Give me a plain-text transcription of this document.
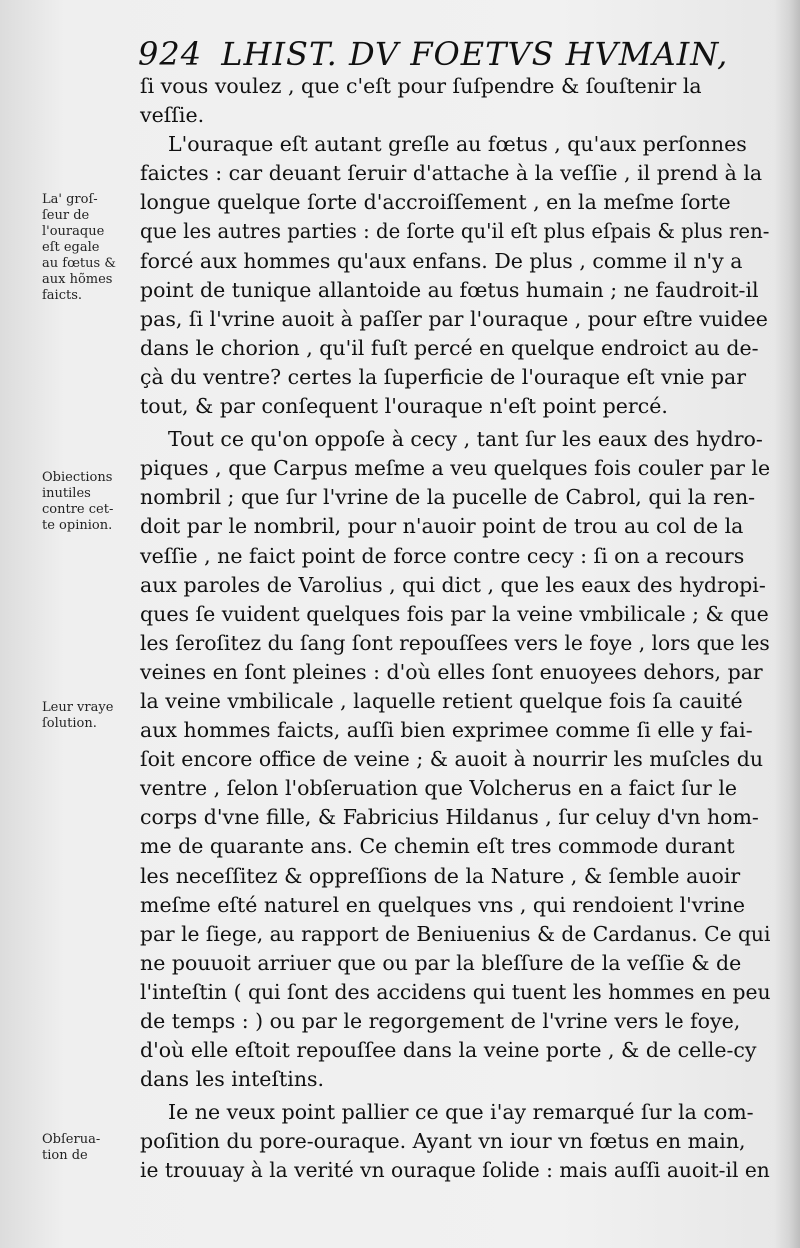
924 LHIST. DV FOETVS HVMAIN,
ſi vous voulez , que c'eſt pour ſuſpendre & ſouſtenir la
veſſie.
L'ouraque eſt autant greſle au fœtus , qu'aux perſonnes
faictes : car deuant ſeruir d'attache à la veſſie , il prend à la
longue quelque ſorte d'accroiſſement , en la meſme ſorte
que les autres parties : de ſorte qu'il eſt plus eſpais & plus ren-
forcé aux hommes qu'aux enfans. De plus , comme il n'y a
point de tunique allantoide au fœtus humain ; ne faudroit-il
pas, ſi l'vrine auoit à paſſer par l'ouraque , pour eſtre vuidee
dans le chorion , qu'il fuſt percé en quelque endroict au de-
çà du ventre? certes la ſuperficie de l'ouraque eſt vnie par
tout, & par conſequent l'ouraque n'eſt point percé.
Tout ce qu'on oppoſe à cecy , tant ſur les eaux des hydro-
piques , que Carpus meſme a veu quelques fois couler par le
nombril ; que ſur l'vrine de la pucelle de Cabrol, qui la ren-
doit par le nombril, pour n'auoir point de trou au col de la
veſſie , ne faict point de force contre cecy : ſi on a recours
aux paroles de Varolius , qui dict , que les eaux des hydropi-
ques ſe vuident quelques fois par la veine vmbilicale ; & que
les ſeroſitez du ſang ſont repouſſees vers le foye , lors que les
veines en ſont pleines : d'où elles ſont enuoyees dehors, par
la veine vmbilicale , laquelle retient quelque fois ſa cauité
aux hommes faicts, auſſi bien exprimee comme ſi elle y fai-
ſoit encore office de veine ; & auoit à nourrir les muſcles du
ventre , ſelon l'obſeruation que Volcherus en a faict ſur le
corps d'vne fille, & Fabricius Hildanus , ſur celuy d'vn hom-
me de quarante ans. Ce chemin eſt tres commode durant
les neceſſitez & oppreſſions de la Nature , & ſemble auoir
meſme eſté naturel en quelques vns , qui rendoient l'vrine
par le ſiege, au rapport de Beniuenius & de Cardanus. Ce qui
ne pouuoit arriuer que ou par la bleſſure de la veſſie & de
l'inteſtin ( qui ſont des accidens qui tuent les hommes en peu
de temps : ) ou par le regorgement de l'vrine vers le foye,
d'où elle eſtoit repouſſee dans la veine porte , & de celle-cy
dans les inteſtins.
Ie ne veux point pallier ce que i'ay remarqué ſur la com-
poſition du pore-ouraque. Ayant vn iour vn fœtus en main,
ie trouuay à la verité vn ouraque ſolide : mais auſſi auoit-il en
La' groſ-
ſeur de
l'ouraque
eſt egale
au fœtus &
aux hõmes
faicts.
Obiections
inutiles
contre cet-
te opinion.
Leur vraye
ſolution.
Obſerua-
tion de
